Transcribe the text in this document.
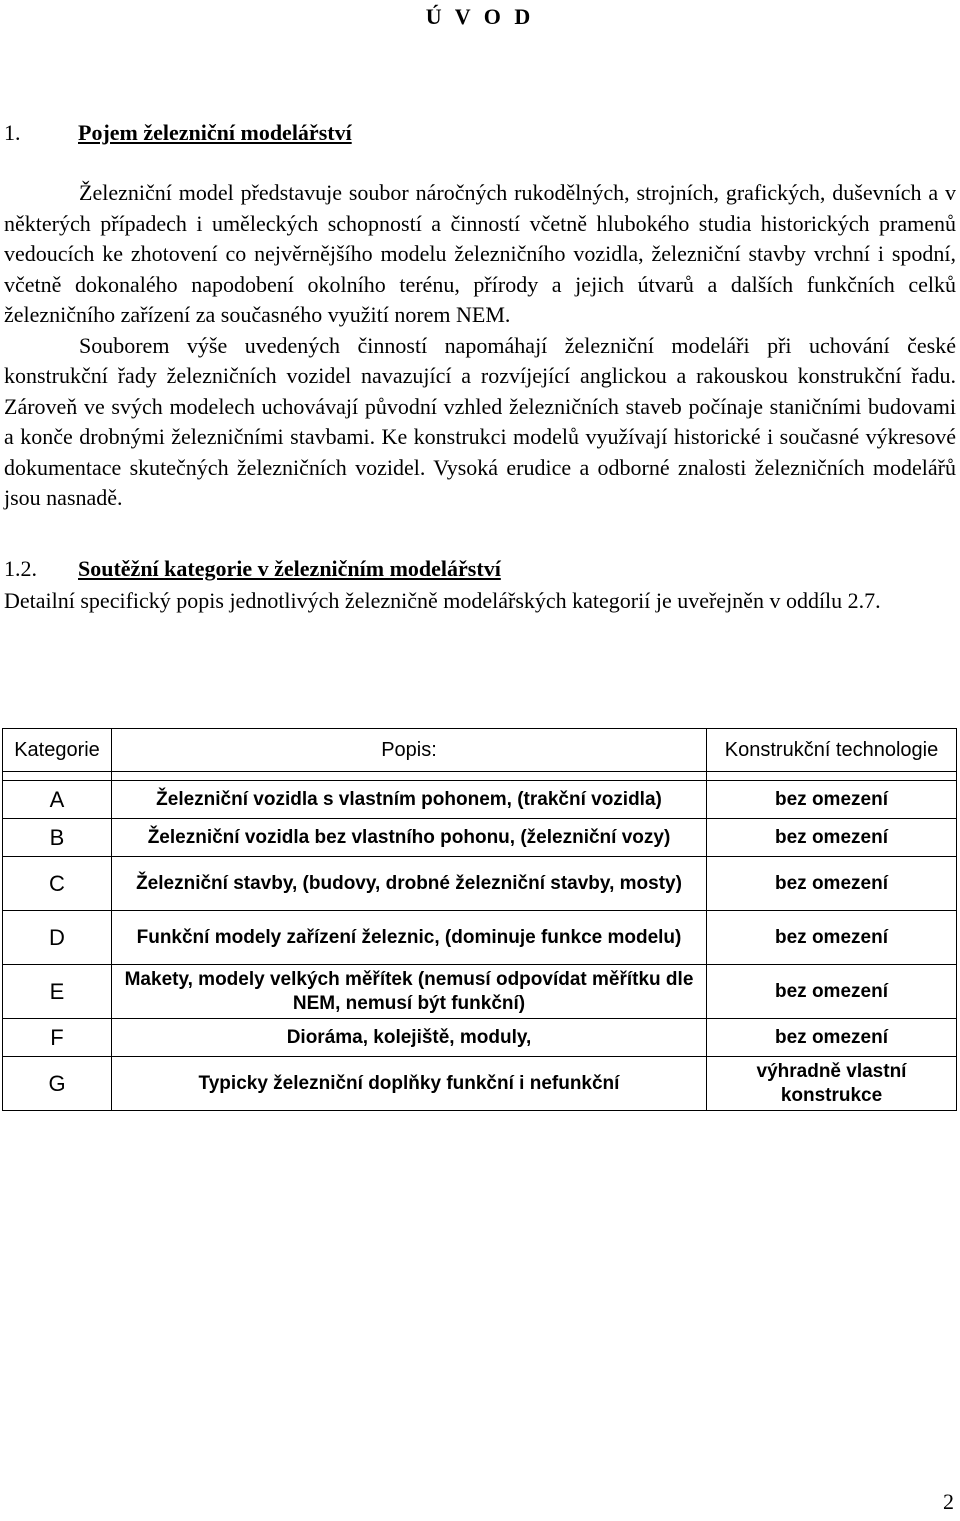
Ú V O D
1.	Pojem železniční modelářství

Železniční model představuje soubor náročných rukodělných, strojních, grafických, duševních a v některých případech i uměleckých schopností a činností včetně hlubokého studia historických pramenů vedoucích ke zhotovení co nejvěrnějšího modelu železničního vozidla, železniční stavby vrchní i spodní, včetně dokonalého napodobení okolního terénu, přírody a jejich útvarů a dalších funkčních celků železničního zařízení za současného využití norem NEM.

Souborem výše uvedených činností napomáhají železniční modeláři při uchování české konstrukční řady železničních vozidel navazující a rozvíjející anglickou a rakouskou konstrukční řadu. Zároveň ve svých modelech uchovávají původní vzhled železničních staveb počínaje staničními budovami a konče drobnými železničními stavbami. Ke konstrukci modelů využívají historické i současné výkresové dokumentace skutečných železničních vozidel. Vysoká erudice a odborné znalosti železničních modelářů jsou nasnadě.

1.2. Soutěžní kategorie v železničním modelářství

Detailní specifický popis jednotlivých železničně modelářských kategorií je uveřejněn v oddílu 2.7.

Kategorie	Popis:	Konstrukční technologie

A	Železniční vozidla s vlastním pohonem, (trakční vozidla)	bez omezení
B	Železniční vozidla bez vlastního pohonu, (železniční vozy)	bez omezení
C	Železniční stavby, (budovy, drobné železniční stavby, mosty)	bez omezení
D	Funkční modely zařízení železnic, (dominuje funkce modelu)	bez omezení
E	Makety, modely velkých měřítek (nemusí odpovídat měřítku dle NEM, nemusí být funkční)	bez omezení
F	Diorámа, kolejiště, moduly,	bez omezení
G	Typicky železniční doplňky funkční i nefunkční	výhradně vlastní konstrukce
2
